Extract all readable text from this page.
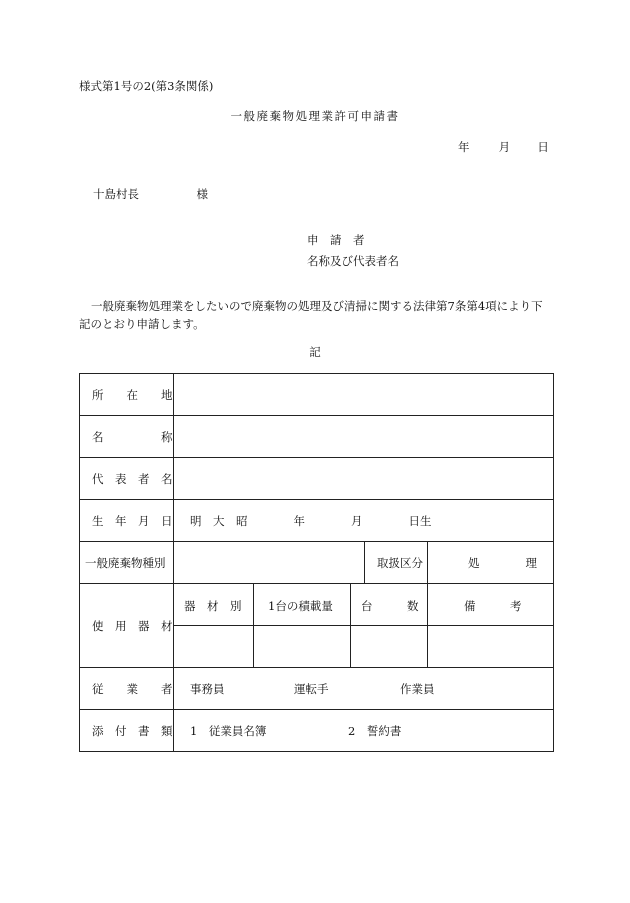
様式第1号の2(第3条関係)
一般廃棄物処理業許可申請書
年	月 日
十島村長　　　　　様
申　請　者
名称及び代表者名
一般廃棄物処理業をしたいので廃棄物の処理及び清掃に関する法律第7条第4項により下記のとおり申請します。
記
所　　在　　地					
名　　　　　称					
代　表　者　名					
生　年　月　日	明　大　昭　　　　年　　　　月　　　　日生				
一般廃棄物種別				取扱区分	処　　　　理
使　用　器　材	器　材　別	1台の積載量	台　　　数		備　　　考

従　　業　　者	事務員 運転手 作業員				
添　付　書　類	1　従業員名簿 2　誓約書				
